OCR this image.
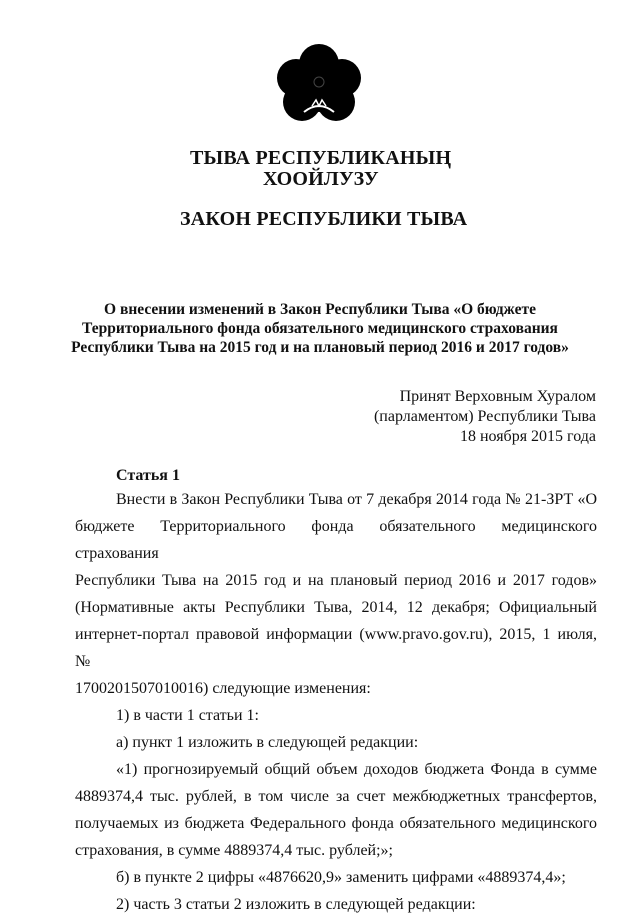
ТЫВА РЕСПУБЛИКАНЫҢ
ХООЙЛУЗУ
ЗАКОН РЕСПУБЛИКИ ТЫВА
О внесении изменений в Закон Республики Тыва «О бюджете
Территориального фонда обязательного медицинского страхования
Республики Тыва на 2015 год и на плановый период 2016 и 2017 годов»
Принят Верховным Хуралом
(парламентом) Республики Тыва
18 ноября 2015 года
Статья 1
Внести в Закон Республики Тыва от 7 декабря 2014 года № 21-ЗРТ «О
бюджете Территориального фонда обязательного медицинского страхования
Республики Тыва на 2015 год и на плановый период 2016 и 2017 годов»
(Нормативные акты Республики Тыва, 2014, 12 декабря; Официальный
интернет-портал правовой информации (www.pravo.gov.ru), 2015, 1 июля, №
1700201507010016) следующие изменения:
1) в части 1 статьи 1:
а) пункт 1 изложить в следующей редакции:
«1) прогнозируемый общий объем доходов бюджета Фонда в сумме
4889374,4 тыс. рублей, в том числе за счет межбюджетных трансфертов,
получаемых из бюджета Федерального фонда обязательного медицинского
страхования, в сумме 4889374,4 тыс. рублей;»;
б) в пункте 2 цифры «4876620,9» заменить цифрами «4889374,4»;
2) часть 3 статьи 2 изложить в следующей редакции:
